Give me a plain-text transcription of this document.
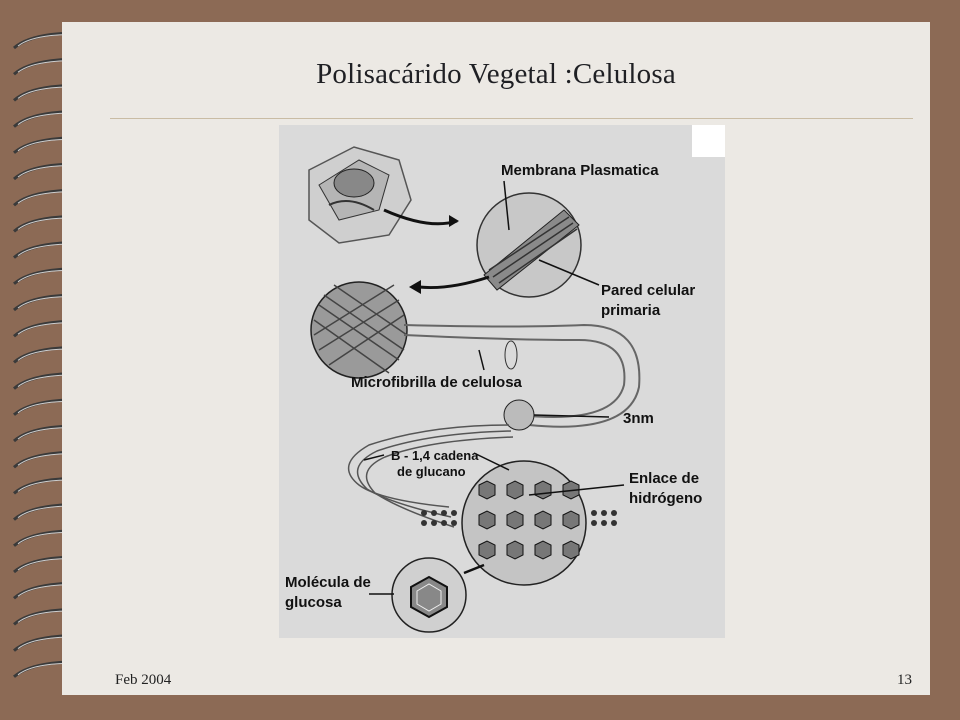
Polisacárido Vegetal :Celulosa
Membrana Plasmatica
Pared celular
primaria
Microfibrilla de celulosa
3nm
B - 1,4 cadena
de glucano	Enlace de
hidrógeno
Molécula de
glucosa
Feb 2004	13
